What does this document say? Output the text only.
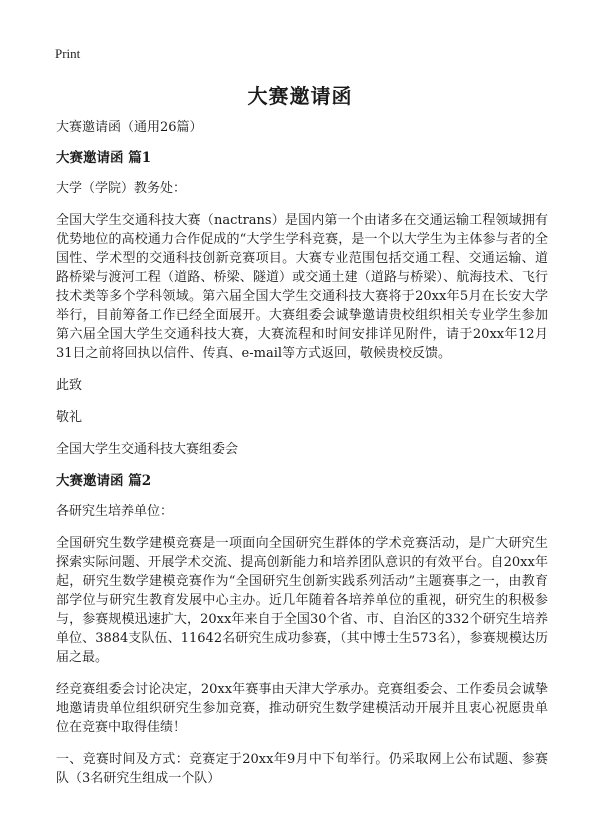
Print
大赛邀请函

大赛邀请函（通用26篇）

大赛邀请函 篇1

大学（学院）教务处：

全国大学生交通科技大赛（nactrans）是国内第一个由诸多在交通运输工程领域拥有优势地位的高校通力合作促成的“大学生学科竞赛，是一个以大学生为主体参与者的全国性、学术型的交通科技创新竞赛项目。大赛专业范围包括交通工程、交通运输、道路桥梁与渡河工程（道路、桥梁、隧道）或交通土建（道路与桥梁）、航海技术、飞行技术类等多个学科领域。第六届全国大学生交通科技大赛将于20xx年5月在长安大学举行，目前筹备工作已经全面展开。大赛组委会诚挚邀请贵校组织相关专业学生参加第六届全国大学生交通科技大赛，大赛流程和时间安排详见附件，请于20xx年12月31日之前将回执以信件、传真、e-mail等方式返回，敬候贵校反馈。

此致

敬礼

全国大学生交通科技大赛组委会

大赛邀请函 篇2

各研究生培养单位：

全国研究生数学建模竞赛是一项面向全国研究生群体的学术竞赛活动，是广大研究生探索实际问题、开展学术交流、提高创新能力和培养团队意识的有效平台。自20xx年起，研究生数学建模竞赛作为“全国研究生创新实践系列活动”主题赛事之一，由教育部学位与研究生教育发展中心主办。近几年随着各培养单位的重视，研究生的积极参与，参赛规模迅速扩大，20xx年来自于全国30个省、市、自治区的332个研究生培养单位、3884支队伍、11642名研究生成功参赛，（其中博士生573名），参赛规模达历届之最。

经竞赛组委会讨论决定，20xx年赛事由天津大学承办。竞赛组委会、工作委员会诚挚地邀请贵单位组织研究生参加竞赛，推动研究生数学建模活动开展并且衷心祝愿贵单位在竞赛中取得佳绩！

一、竞赛时间及方式：竞赛定于20xx年9月中下旬举行。仍采取网上公布试题、参赛队（3名研究生组成一个队）
